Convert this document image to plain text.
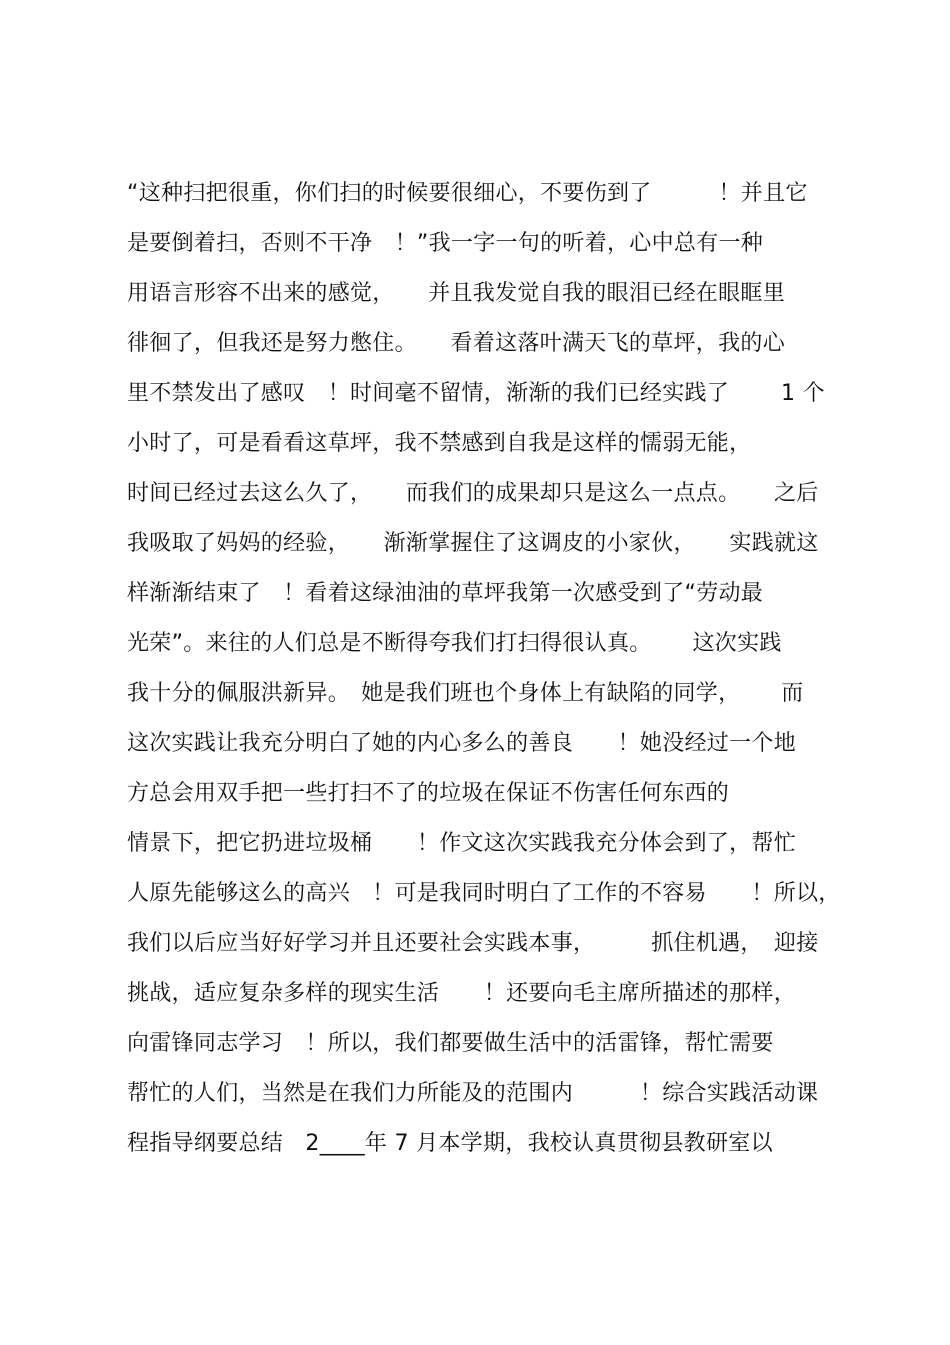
“这种扫把很重，你们扫的时候要很细心，不要伤到了　　　！并且它
是要倒着扫，否则不干净　！”我一字一句的听着，心中总有一种
用语言形容不出来的感觉，　　并且我发觉自我的眼泪已经在眼眶里
徘徊了，但我还是努力憋住。　　看着这落叶满天飞的草坪，我的心
里不禁发出了感叹　！时间毫不留情，渐渐的我们已经实践了　　 1 个
小时了，可是看看这草坪，我不禁感到自我是这样的懦弱无能，
时间已经过去这么久了，　　而我们的成果却只是这么一点点。　　之后
我吸取了妈妈的经验，　　渐渐掌握住了这调皮的小家伙，　　实践就这
样渐渐结束了　！看着这绿油油的草坪我第一次感受到了“劳动最
光荣”。来往的人们总是不断得夸我们打扫得很认真。　　 这次实践
我十分的佩服洪新异。　她是我们班也个身体上有缺陷的同学，　　 而
这次实践让我充分明白了她的内心多么的善良　　！她没经过一个地
方总会用双手把一些打扫不了的垃圾在保证不伤害任何东西的
情景下，把它扔进垃圾桶　　！作文这次实践我充分体会到了，帮忙
人原先能够这么的高兴　！可是我同时明白了工作的不容易　　！所以，
我们以后应当好好学习并且还要社会实践本事，　　　抓住机遇，　迎接
挑战，适应复杂多样的现实生活　　！还要向毛主席所描述的那样，
向雷锋同志学习　！所以，我们都要做生活中的活雷锋，帮忙需要
帮忙的人们，当然是在我们力所能及的范围内　　　！综合实践活动课
程指导纲要总结　2____年 7 月本学期，我校认真贯彻县教研室以
